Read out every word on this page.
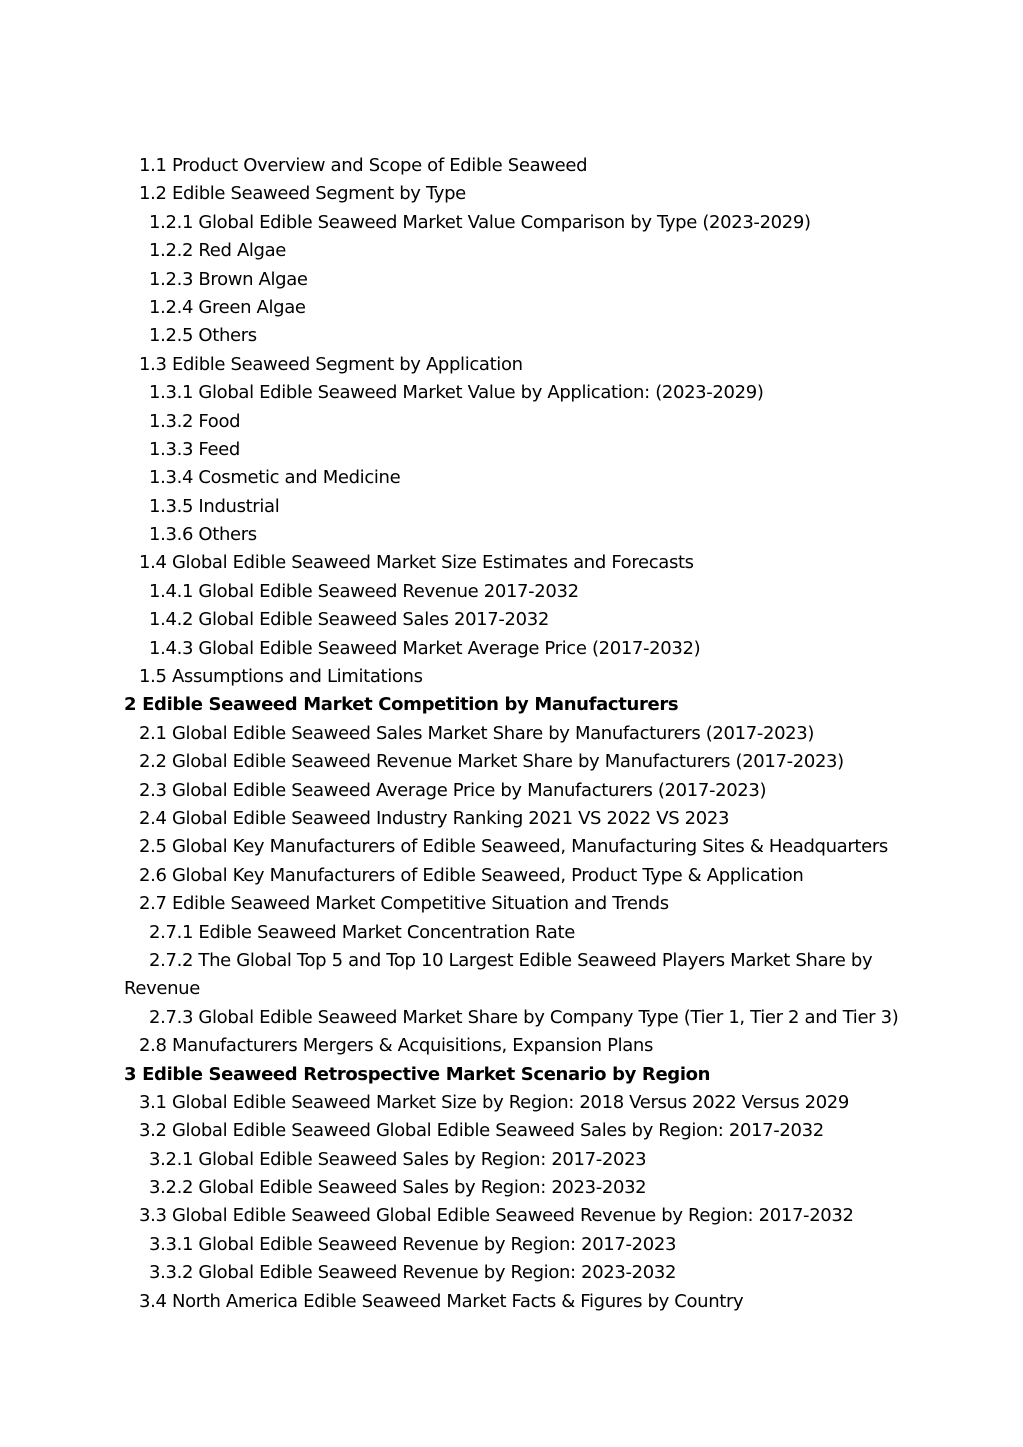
1.1 Product Overview and Scope of Edible Seaweed
1.2 Edible Seaweed Segment by Type
1.2.1 Global Edible Seaweed Market Value Comparison by Type (2023-2029)
1.2.2 Red Algae
1.2.3 Brown Algae
1.2.4 Green Algae
1.2.5 Others
1.3 Edible Seaweed Segment by Application
1.3.1 Global Edible Seaweed Market Value by Application: (2023-2029)
1.3.2 Food
1.3.3 Feed
1.3.4 Cosmetic and Medicine
1.3.5 Industrial
1.3.6 Others
1.4 Global Edible Seaweed Market Size Estimates and Forecasts
1.4.1 Global Edible Seaweed Revenue 2017-2032
1.4.2 Global Edible Seaweed Sales 2017-2032
1.4.3 Global Edible Seaweed Market Average Price (2017-2032)
1.5 Assumptions and Limitations
2 Edible Seaweed Market Competition by Manufacturers
2.1 Global Edible Seaweed Sales Market Share by Manufacturers (2017-2023)
2.2 Global Edible Seaweed Revenue Market Share by Manufacturers (2017-2023)
2.3 Global Edible Seaweed Average Price by Manufacturers (2017-2023)
2.4 Global Edible Seaweed Industry Ranking 2021 VS 2022 VS 2023
2.5 Global Key Manufacturers of Edible Seaweed, Manufacturing Sites & Headquarters
2.6 Global Key Manufacturers of Edible Seaweed, Product Type & Application
2.7 Edible Seaweed Market Competitive Situation and Trends
2.7.1 Edible Seaweed Market Concentration Rate
2.7.2 The Global Top 5 and Top 10 Largest Edible Seaweed Players Market Share by
Revenue
2.7.3 Global Edible Seaweed Market Share by Company Type (Tier 1, Tier 2 and Tier 3)
2.8 Manufacturers Mergers & Acquisitions, Expansion Plans
3 Edible Seaweed Retrospective Market Scenario by Region
3.1 Global Edible Seaweed Market Size by Region: 2018 Versus 2022 Versus 2029
3.2 Global Edible Seaweed Global Edible Seaweed Sales by Region: 2017-2032
3.2.1 Global Edible Seaweed Sales by Region: 2017-2023
3.2.2 Global Edible Seaweed Sales by Region: 2023-2032
3.3 Global Edible Seaweed Global Edible Seaweed Revenue by Region: 2017-2032
3.3.1 Global Edible Seaweed Revenue by Region: 2017-2023
3.3.2 Global Edible Seaweed Revenue by Region: 2023-2032
3.4 North America Edible Seaweed Market Facts & Figures by Country
